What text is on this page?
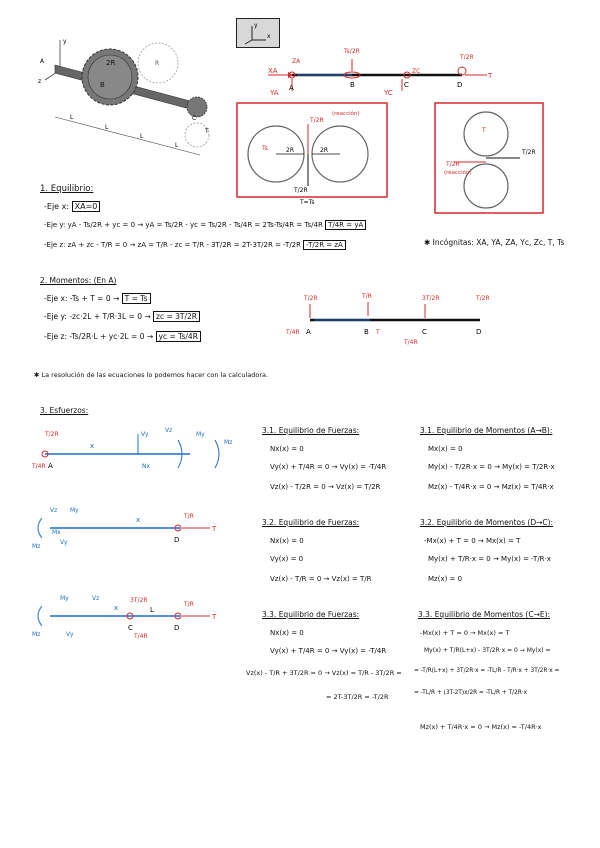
y
z
2R
B
R
T
A
C
L
L
L
L
y
x
XA
YA
ZA
A
Ts/2R
B	C
YC
ZC
D
T/2R
T
2R	2R
Ts
T/2R
(reacción)
T/2R
T=Ts
T/2R
(reacción)
T/2R
T
1. Equilibrio:
-Eje x: XA=0
-Eje y: yA - Ts/2R + yc = 0 → yA = Ts/2R - yc = Ts/2R - Ts/4R = 2Ts-Ts/4R = Ts/4R T/4R = yA
-Eje z: zA + zc - T/R = 0 → zA = T/R - zc = T/R - 3T/2R = 2T-3T/2R = -T/2R -T/2R = zA	✱ Incógnitas: XA, YA, ZA, Yc, Zc, T, Ts
2. Momentos: (En A)
-Eje x: -Ts + T = 0 → T = Ts
-Eje y: -zc·2L + T/R·3L = 0 → zc = 3T/2R
-Eje z: -Ts/2R·L + yc·2L = 0 → yc = Ts/4R
T/2R
T/4R A
T/R
B T
3T/2R
C
T/4R
T/2R
D
✱ La resolución de las ecuaciones lo podemos hacer con la calculadora.
3. Esfuerzos:
T/2R
T/4R A
x
Vy
Nx
Vz
My
Mz
Mz
Vz
Vy
My
Mx
x	T/R
D
T
Mz
My
Vy
Vz
x
C
T/4R
3T/2R
L
T/R
D
T
3.1. Equilibrio de Fuerzas:
Nx(x) = 0
Vy(x) + T/4R = 0 → Vy(x) = -T/4R
Vz(x) - T/2R = 0 → Vz(x) = T/2R
3.1. Equilibrio de Momentos (A→B):
Mx(x) = 0
My(x) - T/2R·x = 0 → My(x) = T/2R·x
Mz(x) - T/4R·x = 0 → Mz(x) = T/4R·x
3.2. Equilibrio de Fuerzas:
Nx(x) = 0
Vy(x) = 0
Vz(x) - T/R = 0 → Vz(x) = T/R
3.2. Equilibrio de Momentos (D→C):
-Mx(x) + T = 0 → Mx(x) = T
My(x) + T/R·x = 0 → My(x) = -T/R·x
Mz(x) = 0
3.3. Equilibrio de Fuerzas:
Nx(x) = 0
Vy(x) + T/4R = 0 → Vy(x) = -T/4R
Vz(x) - T/R + 3T/2R = 0 → Vz(x) = T/R - 3T/2R =
= 2T-3T/2R = -T/2R
3.3. Equilibrio de Momentos (C→E):
-Mx(x) + T = 0 → Mx(x) = T
My(x) + T/R(L+x) - 3T/2R·x = 0 → My(x) =
= -T/R(L+x) + 3T/2R·x = -TL/R - T/R·x + 3T/2R·x =
= -TL/R + (3T-2T)x/2R = -TL/R + T/2R·x
Mz(x) + T/4R·x = 0 → Mz(x) = -T/4R·x
